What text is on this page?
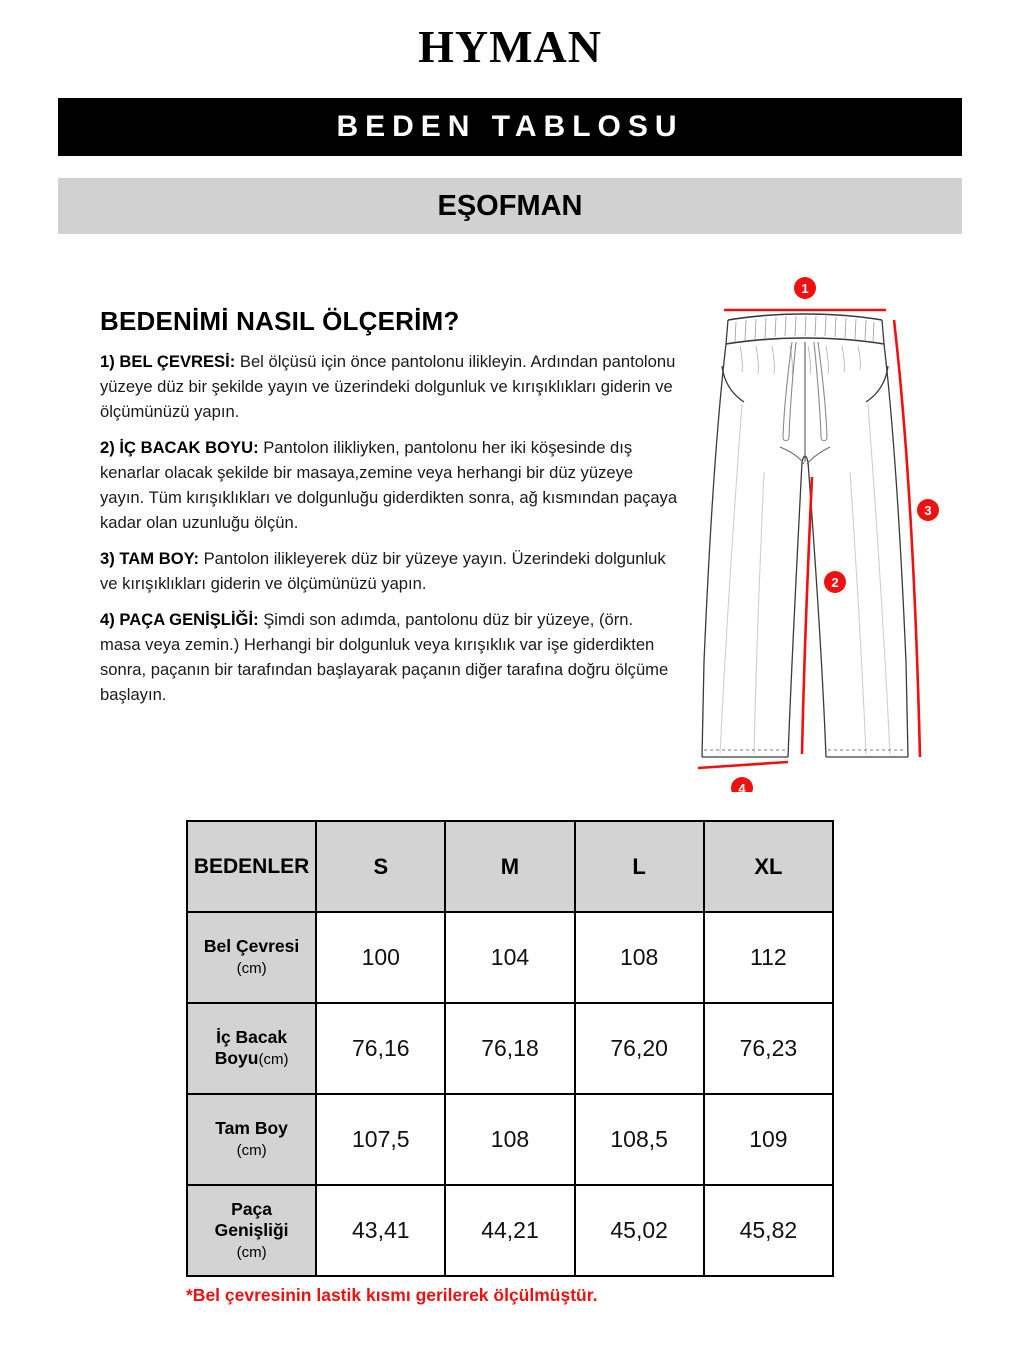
HYMAN
BEDEN TABLOSU
EŞOFMAN
BEDENİMİ NASIL ÖLÇERİM?

1) BEL ÇEVRESİ: Bel ölçüsü için önce pantolonu ilikleyin. Ardından pantolonu yüzeye düz bir şekilde yayın ve üzerindeki dolgunluk ve kırışıklıkları giderin ve ölçümünüzü yapın.

2) İÇ BACAK BOYU: Pantolon ilikliyken, pantolonu her iki köşesinde dış kenarlar olacak şekilde bir masaya,zemine veya herhangi bir düz yüzeye yayın. Tüm kırışıklıkları ve dolgunluğu giderdikten sonra, ağ kısmından paçaya kadar olan uzunluğu ölçün.

3) TAM BOY: Pantolon ilikleyerek düz bir yüzeye yayın. Üzerindeki dolgunluk ve kırışıklıkları giderin ve ölçümünüzü yapın.

4) PAÇA GENİŞLİĞİ: Şimdi son adımda, pantolonu düz bir yüzeye, (örn. masa veya zemin.) Herhangi bir dolgunluk veya kırışıklık var işe giderdikten sonra, paçanın bir tarafından başlayarak paçanın diğer tarafına doğru ölçüme başlayın.

1
2
3
4
BEDENLER	S	M	L	XL
Bel Çevresi
(cm)	100	104	108	112
İç Bacak
Boyu(cm)	76,16	76,18	76,20	76,23
Tam Boy
(cm)	107,5	108	108,5	109
Paça Genişliği
(cm)	43,41	44,21	45,02	45,82
*Bel çevresinin lastik kısmı gerilerek ölçülmüştür.
